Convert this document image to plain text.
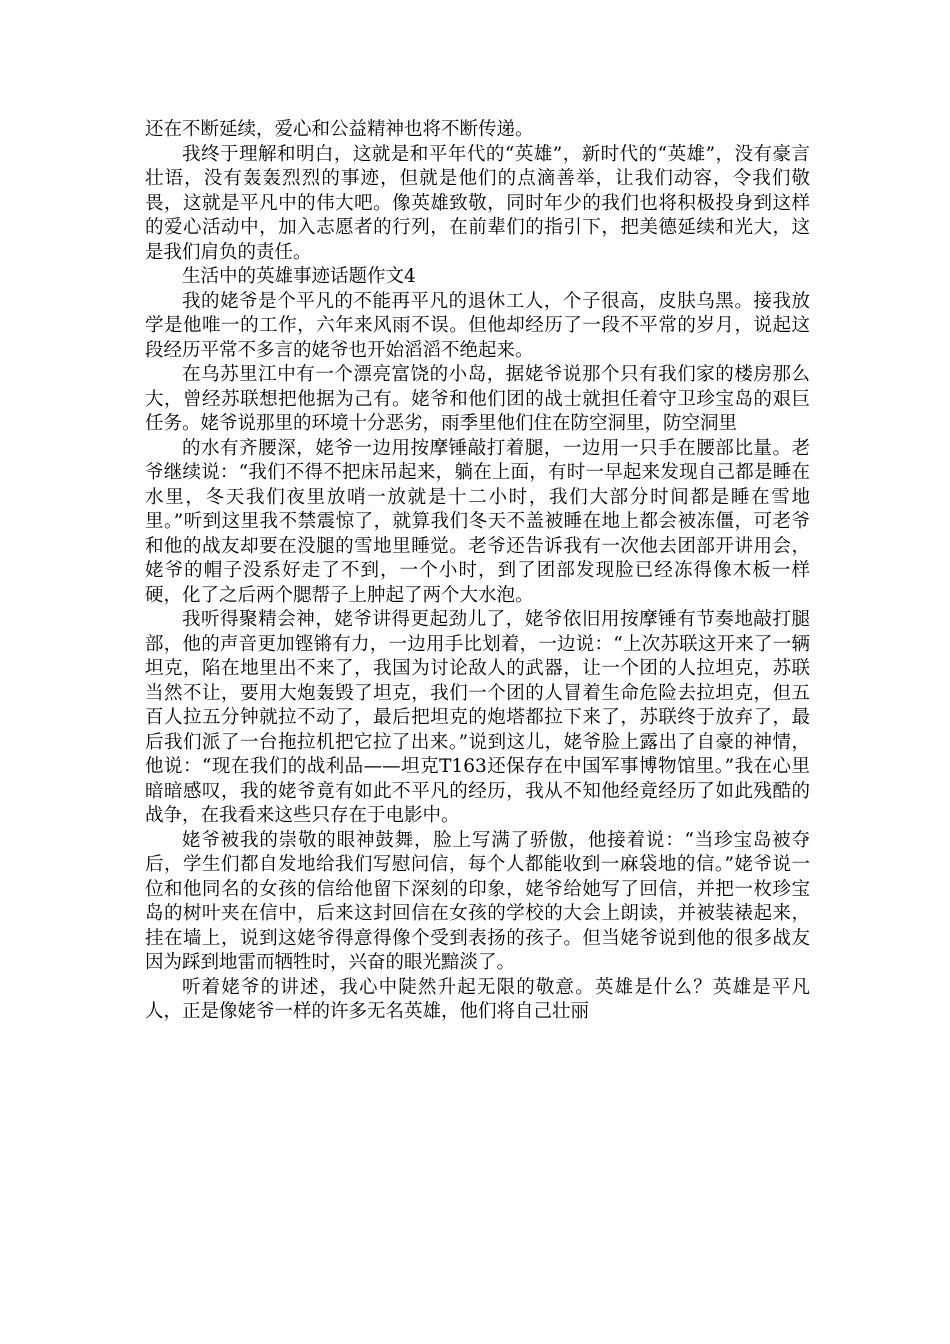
还在不断延续，爱心和公益精神也将不断传递。

我终于理解和明白，这就是和平年代的“英雄”，新时代的“英雄”，没有豪言壮语，没有轰轰烈烈的事迹，但就是他们的点滴善举，让我们动容，令我们敬畏，这就是平凡中的伟大吧。像英雄致敬，同时年少的我们也将积极投身到这样的爱心活动中，加入志愿者的行列，在前辈们的指引下，把美德延续和光大，这是我们肩负的责任。

生活中的英雄事迹话题作文4

我的姥爷是个平凡的不能再平凡的退休工人，个子很高，皮肤乌黑。接我放学是他唯一的工作，六年来风雨不误。但他却经历了一段不平常的岁月，说起这段经历平常不多言的姥爷也开始滔滔不绝起来。

在乌苏里江中有一个漂亮富饶的小岛，据姥爷说那个只有我们家的楼房那么大，曾经苏联想把他据为己有。姥爷和他们团的战士就担任着守卫珍宝岛的艰巨任务。姥爷说那里的环境十分恶劣，雨季里他们住在防空洞里，防空洞里

的水有齐腰深，姥爷一边用按摩锤敲打着腿，一边用一只手在腰部比量。老爷继续说：“我们不得不把床吊起来，躺在上面，有时一早起来发现自己都是睡在水里，冬天我们夜里放哨一放就是十二小时，我们大部分时间都是睡在雪地里。”听到这里我不禁震惊了，就算我们冬天不盖被睡在地上都会被冻僵，可老爷和他的战友却要在没腿的雪地里睡觉。老爷还告诉我有一次他去团部开讲用会，姥爷的帽子没系好走了不到，一个小时，到了团部发现脸已经冻得像木板一样硬，化了之后两个腮帮子上肿起了两个大水泡。

我听得聚精会神，姥爷讲得更起劲儿了，姥爷依旧用按摩锤有节奏地敲打腿部，他的声音更加铿锵有力，一边用手比划着，一边说：“上次苏联这开来了一辆坦克，陷在地里出不来了，我国为讨论敌人的武器，让一个团的人拉坦克，苏联当然不让，要用大炮轰毁了坦克，我们一个团的人冒着生命危险去拉坦克，但五百人拉五分钟就拉不动了，最后把坦克的炮塔都拉下来了，苏联终于放弃了，最后我们派了一台拖拉机把它拉了出来。”说到这儿，姥爷脸上露出了自豪的神情，他说：“现在我们的战利品——坦克T163还保存在中国军事博物馆里。”我在心里暗暗感叹，我的姥爷竟有如此不平凡的经历，我从不知他经竟经历了如此残酷的战争，在我看来这些只存在于电影中。

姥爷被我的崇敬的眼神鼓舞，脸上写满了骄傲，他接着说：“当珍宝岛被夺后，学生们都自发地给我们写慰问信，每个人都能收到一麻袋地的信。”姥爷说一位和他同名的女孩的信给他留下深刻的印象，姥爷给她写了回信，并把一枚珍宝岛的树叶夹在信中，后来这封回信在女孩的学校的大会上朗读，并被装裱起来，挂在墙上，说到这姥爷得意得像个受到表扬的孩子。但当姥爷说到他的很多战友因为踩到地雷而牺牲时，兴奋的眼光黯淡了。

听着姥爷的讲述，我心中陡然升起无限的敬意。英雄是什么？英雄是平凡人，正是像姥爷一样的许多无名英雄，他们将自己壮丽
